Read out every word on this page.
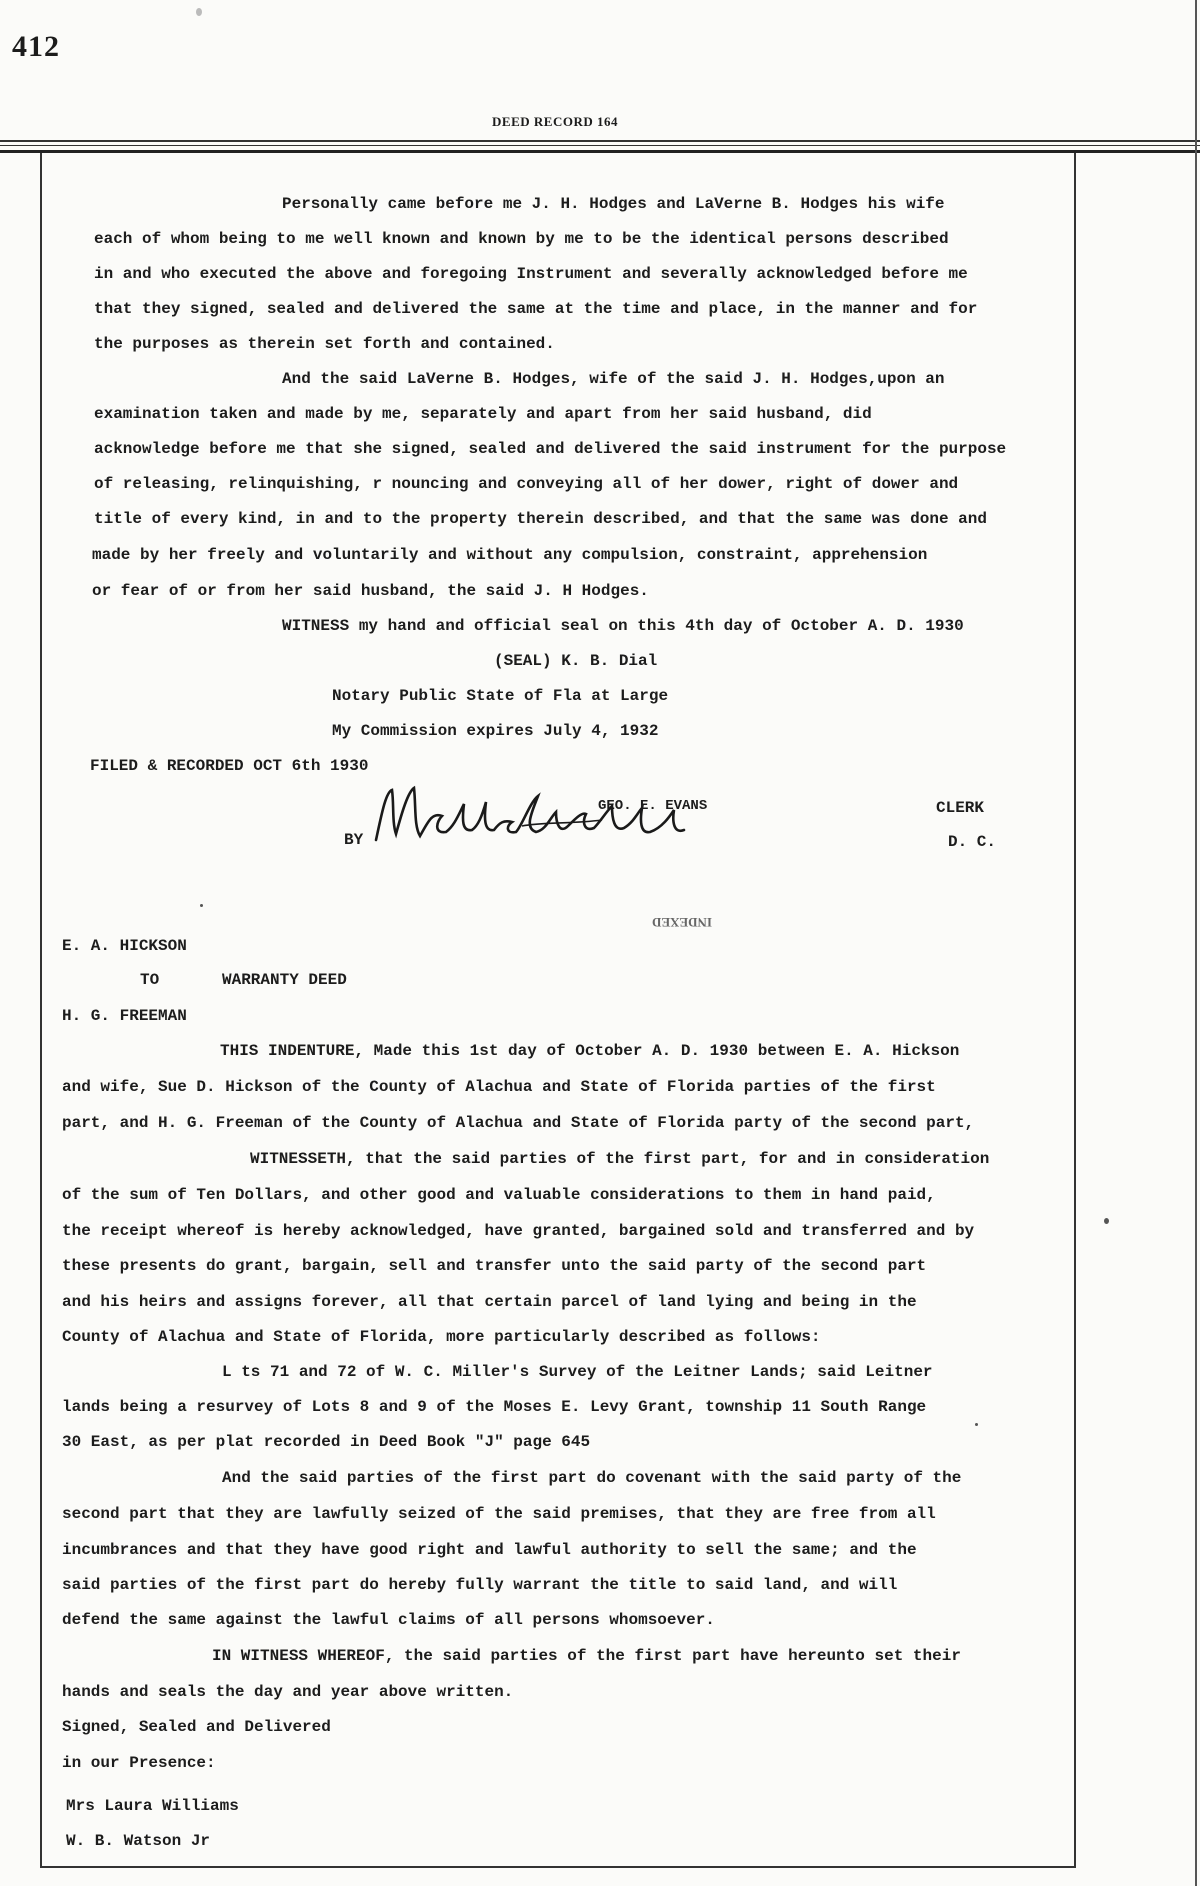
412
DEED RECORD 164
Personally came before me J. H. Hodges and LaVerne B. Hodges his wife
each of whom being to me well known and known by me to be the identical persons described
in and who executed the above and foregoing Instrument and severally acknowledged before me
that they signed, sealed and delivered the same at the time and place, in the manner and for
the purposes as therein set forth and contained.
And the said LaVerne B. Hodges, wife of the said J. H. Hodges,upon an
examination taken and made by me, separately and apart from her said husband, did
acknowledge before me that she signed, sealed and delivered the said instrument for the purpose
of releasing, relinquishing, r nouncing and conveying all of her dower, right of dower and
title of every kind, in and to the property therein described, and that the same was done and
made by her freely and voluntarily and without any compulsion, constraint, apprehension
or fear of or from her said husband, the said J. H Hodges.
WITNESS my hand and official seal on this 4th day of October A. D. 1930
(SEAL) K. B. Dial
Notary Public State of Fla at Large
My Commission expires July 4, 1932
FILED & RECORDED OCT 6th 1930
GEO. E. EVANS	CLERK
BY	D. C.
INDEXED
E. A. HICKSON
TO	WARRANTY DEED
H. G. FREEMAN
THIS INDENTURE, Made this 1st day of October A. D. 1930 between E. A. Hickson
and wife, Sue D. Hickson of the County of Alachua and State of Florida parties of the first
part, and H. G. Freeman of the County of Alachua and State of Florida party of the second part,
WITNESSETH, that the said parties of the first part, for and in consideration
of the sum of Ten Dollars, and other good and valuable considerations to them in hand paid,
the receipt whereof is hereby acknowledged, have granted, bargained sold and transferred and by
these presents do grant, bargain, sell and transfer unto the said party of the second part
and his heirs and assigns forever, all that certain parcel of land lying and being in the
County of Alachua and State of Florida, more particularly described as follows:
L ts 71 and 72 of W. C. Miller's Survey of the Leitner Lands; said Leitner
lands being a resurvey of Lots 8 and 9 of the Moses E. Levy Grant, township 11 South Range
30 East, as per plat recorded in Deed Book "J" page 645
And the said parties of the first part do covenant with the said party of the
second part that they are lawfully seized of the said premises, that they are free from all
incumbrances and that they have good right and lawful authority to sell the same; and the
said parties of the first part do hereby fully warrant the title to said land, and will
defend the same against the lawful claims of all persons whomsoever.
IN WITNESS WHEREOF, the said parties of the first part have hereunto set their
hands and seals the day and year above written.
Signed, Sealed and Delivered
in our Presence:
Mrs Laura Williams
W. B. Watson Jr
